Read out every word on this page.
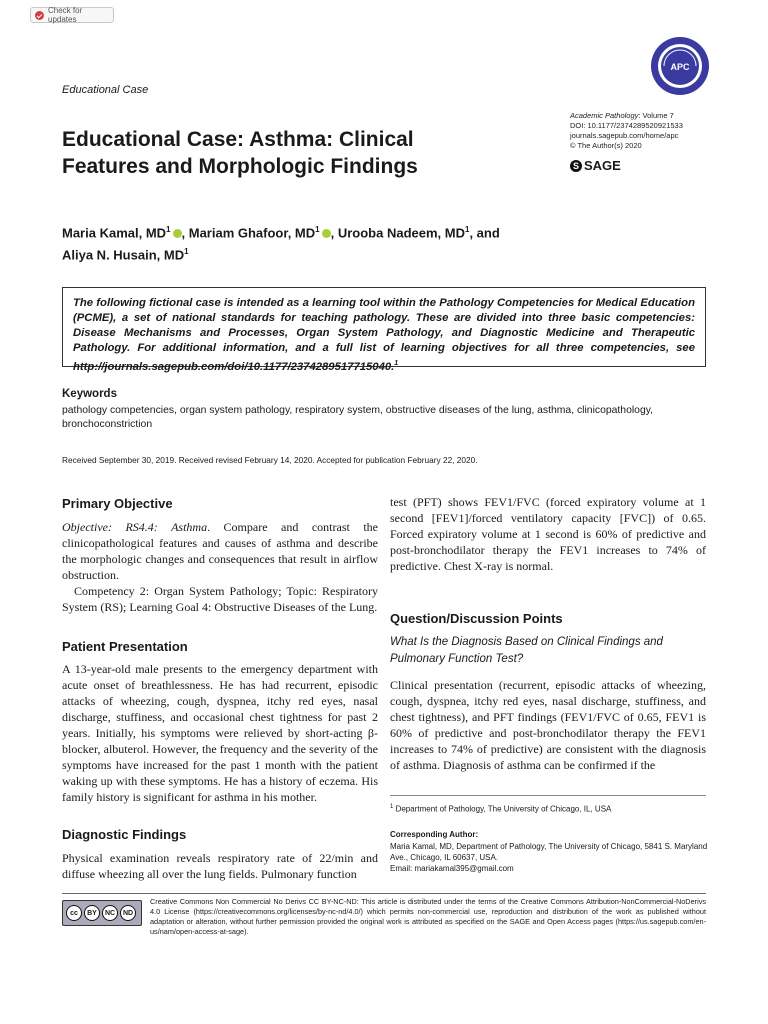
Check for updates
APC
Educational Case
Academic Pathology: Volume 7
DOI: 10.1177/2374289520921533
journals.sagepub.com/home/apc
© The Author(s) 2020
S SAGE
Educational Case: Asthma: Clinical Features and Morphologic Findings
Maria Kamal, $MD^1$ , Mariam Ghafoor, $MD^1$ , Urooba Nadeem, $MD^1$, and
Aliya N. Husain, $MD^1$
The following fictional case is intended as a learning tool within the Pathology Competencies for Medical Education (PCME), a set of national standards for teaching pathology. These are divided into three basic competencies: Disease Mechanisms and Processes, Organ System Pathology, and Diagnostic Medicine and Therapeutic Pathology. For additional information, and a full list of learning objectives for all three competencies, see http://journals.sagepub.com/doi/10.1177/2374289517715040.$^1$
Keywords
pathology competencies, organ system pathology, respiratory system, obstructive diseases of the lung, asthma, clinicopathology, bronchoconstriction
Received September 30, 2019. Received revised February 14, 2020. Accepted for publication February 22, 2020.
Primary Objective

Objective: RS4.4: Asthma. Compare and contrast the clinicopathological features and causes of asthma and describe the morphologic changes and consequences that result in airflow obstruction.

Competency 2: Organ System Pathology; Topic: Respiratory System (RS); Learning Goal 4: Obstructive Diseases of the Lung.

Patient Presentation
A 13-year-old male presents to the emergency department with acute onset of breathlessness. He has had recurrent, episodic attacks of wheezing, cough, dyspnea, itchy red eyes, nasal discharge, stuffiness, and occasional chest tightness for past 2 years. Initially, his symptoms were relieved by short-acting β-blocker, albuterol. However, the frequency and the severity of the symptoms have increased for the past 1 month with the patient waking up with these symptoms. He has a history of eczema. His family history is significant for asthma in his mother.
Diagnostic Findings
Physical examination reveals respiratory rate of 22/min and diffuse wheezing all over the lung fields. Pulmonary function
test (PFT) shows FEV1/FVC (forced expiratory volume at 1 second [FEV1]/forced ventilatory capacity [FVC]) of 0.65. Forced expiratory volume at 1 second is 60% of predictive and post-bronchodilator therapy the FEV1 increases to 74% of predictive. Chest X-ray is normal.
Question/Discussion Points
What Is the Diagnosis Based on Clinical Findings and Pulmonary Function Test?
Clinical presentation (recurrent, episodic attacks of wheezing, cough, dyspnea, itchy red eyes, nasal discharge, stuffiness, and chest tightness), and PFT findings (FEV1/FVC of 0.65, FEV1 is 60% of predictive and post-bronchodilator therapy the FEV1 increases to 74% of predictive) are consistent with the diagnosis of asthma. Diagnosis of asthma can be confirmed if the
$^1$ Department of Pathology, The University of Chicago, IL, USA
Corresponding Author:
Maria Kamal, MD, Department of Pathology, The University of Chicago, 5841 S. Maryland Ave., Chicago, IL 60637, USA.
Email: mariakamal395@gmail.com
cc	BY	NC	ND
Creative Commons Non Commercial No Derivs CC BY-NC-ND: This article is distributed under the terms of the Creative Commons Attribution-NonCommercial-NoDerivs 4.0 License (https://creativecommons.org/licenses/by-nc-nd/4.0/) which permits non-commercial use, reproduction and distribution of the work as published without adaptation or alteration, without further permission provided the original work is attributed as specified on the SAGE and Open Access pages (https://us.sagepub.com/en-us/nam/open-access-at-sage).
